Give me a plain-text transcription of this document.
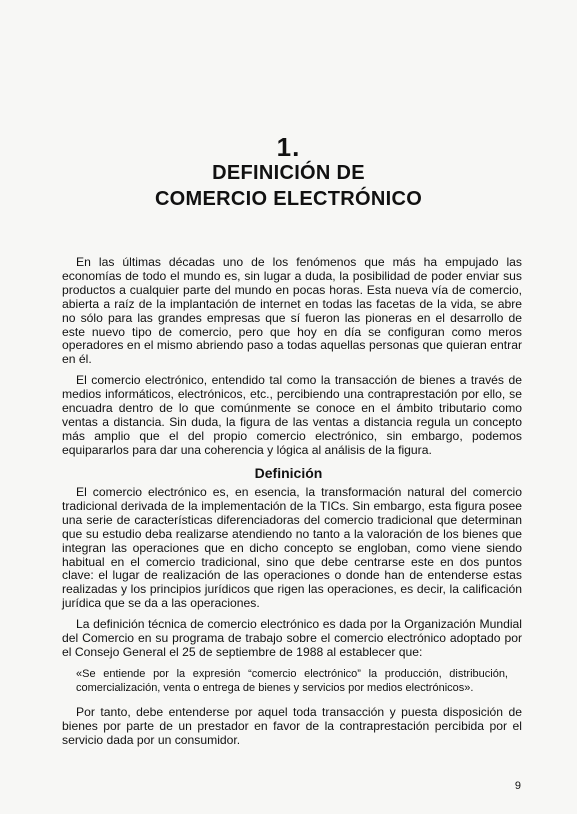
1.
DEFINICIÓN DE
COMERCIO ELECTRÓNICO

En las últimas décadas uno de los fenómenos que más ha empujado las economías de todo el mundo es, sin lugar a duda, la posibilidad de poder enviar sus productos a cualquier parte del mundo en pocas horas. Esta nueva vía de comercio, abierta a raíz de la implantación de internet en todas las facetas de la vida, se abre no sólo para las grandes empresas que sí fueron las pioneras en el desarrollo de este nuevo tipo de comercio, pero que hoy en día se configuran como meros operadores en el mismo abriendo paso a todas aquellas personas que quieran entrar en él.

El comercio electrónico, entendido tal como la transacción de bienes a través de medios informáticos, electrónicos, etc., percibiendo una contraprestación por ello, se encuadra dentro de lo que comúnmente se conoce en el ámbito tributario como ventas a distancia. Sin duda, la figura de las ventas a distancia regula un concepto más amplio que el del propio comercio electrónico, sin embargo, podemos equipararlos para dar una coherencia y lógica al análisis de la figura.

Definición

El comercio electrónico es, en esencia, la transformación natural del comercio tradicional derivada de la implementación de la TICs. Sin embargo, esta figura posee una serie de características diferenciadoras del comercio tradicional que determinan que su estudio deba realizarse atendiendo no tanto a la valoración de los bienes que integran las operaciones que en dicho concepto se engloban, como viene siendo habitual en el comercio tradicional, sino que debe centrarse este en dos puntos clave: el lugar de realización de las operaciones o donde han de entenderse estas realizadas y los principios jurídicos que rigen las operaciones, es decir, la calificación jurídica que se da a las operaciones.

La definición técnica de comercio electrónico es dada por la Organización Mundial del Comercio en su programa de trabajo sobre el comercio electrónico adoptado por el Consejo General el 25 de septiembre de 1988 al establecer que:

«Se entiende por la expresión “comercio electrónico” la producción, distribución, comercialización, venta o entrega de bienes y servicios por medios electrónicos».

Por tanto, debe entenderse por aquel toda transacción y puesta disposición de bienes por parte de un prestador en favor de la contraprestación percibida por el servicio dada por un consumidor.

9
